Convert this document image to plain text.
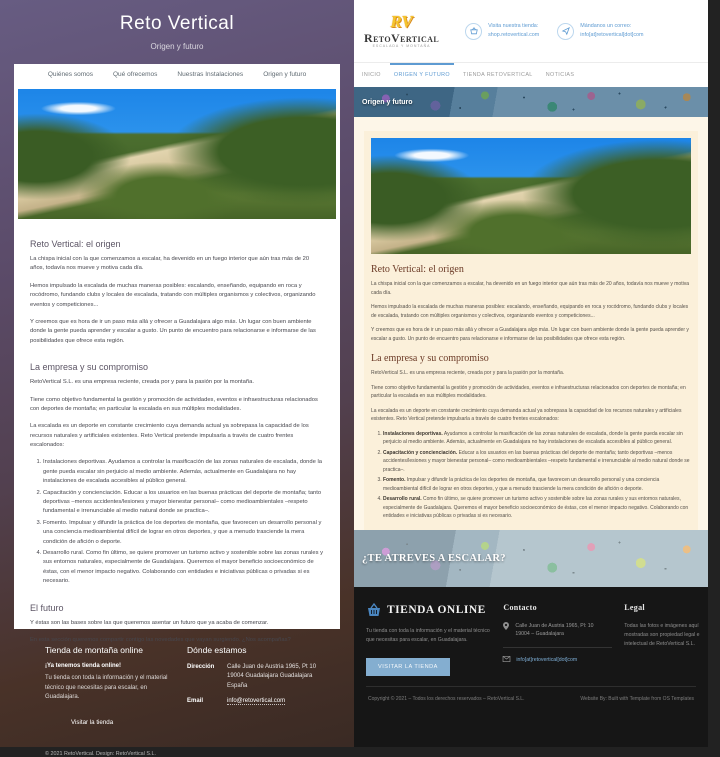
Reto Vertical
Origen y futuro
Quiénes somos	Qué ofrecemos	Nuestras Instalaciones	Origen y futuro
Reto Vertical: el origen

La chispa inicial con la que comenzamos a escalar, ha devenido en un fuego interior que aún tras más de 20 años, todavía nos mueve y motiva cada día.

Hemos impulsado la escalada de muchas maneras posibles: escalando, enseñando, equipando en roca y rocódromo, fundando clubs y locales de escalada, tratando con múltiples organismos y colectivos, organizando eventos y competiciones...

Y creemos que es hora de ir un paso más allá y ofrecer a Guadalajara algo más. Un lugar con buen ambiente donde la gente pueda aprender y escalar a gusto. Un punto de encuentro para relacionarse e informarse de las posibilidades que ofrece esta región.

La empresa y su compromiso

RetoVertical S.L. es una empresa reciente, creada por y para la pasión por la montaña.

Tiene como objetivo fundamental la gestión y promoción de actividades, eventos e infraestructuras relacionados con deportes de montaña; en particular la escalada en sus múltiples modalidades.

La escalada es un deporte en constante crecimiento cuya demanda actual ya sobrepasa la capacidad de los recursos naturales y artificiales existentes. Reto Vertical pretende impulsarla a través de cuatro frentes escalonados:

1. Instalaciones deportivas. Ayudamos a controlar la masificación de las zonas naturales de escalada, donde la gente pueda escalar sin perjuicio al medio ambiente. Además, actualmente en Guadalajara no hay instalaciones de escalada accesibles al público general.
2. Capacitación y concienciación. Educar a los usuarios en las buenas prácticas del deporte de montaña; tanto deportivas –menos accidentes/lesiones y mayor bienestar personal– como medioambientales –respeto fundamental e irrenunciable al medio natural donde se practica–.
3. Fomento. Impulsar y difundir la práctica de los deportes de montaña, que favorecen un desarrollo personal y una conciencia medioambiental difícil de lograr en otros deportes, y que a menudo trasciende la mera condición de afición o deporte.
4. Desarrollo rural. Como fin último, se quiere promover un turismo activo y sostenible sobre las zonas rurales y sus entornos naturales, especialmente de Guadalajara. Queremos el mayor beneficio socioeconómico de éstas, con el menor impacto negativo. Colaborando con entidades e iniciativas públicas o privadas si es necesario.
El futuro

Y éstas son las bases sobre las que queremos asentar un futuro que ya acaba de comenzar.

En esta sección queremos compartir contigo las novedades que vayan surgiendo. ¿Nos acompañas?

Tienda de montaña online
¡Ya tenemos tienda online!

Tu tienda con toda la información y el material técnico que necesitas para escalar, en Guadalajara.

Visitar la tienda
Dónde estamos
Dirección	Calle Juan de Austria 1965, Pt 10
19004 Guadalajara Guadalajara
España
Email	info@retovertical.com
© 2021 RetoVertical. Design: RetoVertical S.L.
RV
RetoVertical
ESCALADA Y MONTAÑA
Visita nuestra tienda:
shop.retovertical.com
Mándanos un correo:
info[at]retovertical[dot]com
INICIO	ORIGEN Y FUTURO	TIENDA RETOVERTICAL	NOTICIAS
Origen y futuro
Reto Vertical: el origen

La chispa inicial con la que comenzamos a escalar, ha devenido en un fuego interior que aún tras más de 20 años, todavía nos mueve y motiva cada día.

Hemos impulsado la escalada de muchas maneras posibles: escalando, enseñando, equipando en roca y rocódromo, fundando clubs y locales de escalada, tratando con múltiples organismos y colectivos, organizando eventos y competiciones...

Y creemos que es hora de ir un paso más allá y ofrecer a Guadalajara algo más. Un lugar con buen ambiente donde la gente pueda aprender y escalar a gusto. Un punto de encuentro para relacionarse e informarse de las posibilidades que ofrece esta región.

La empresa y su compromiso

RetoVertical S.L. es una empresa reciente, creada por y para la pasión por la montaña.

Tiene como objetivo fundamental la gestión y promoción de actividades, eventos e infraestructuras relacionados con deportes de montaña; en particular la escalada en sus múltiples modalidades.

La escalada es un deporte en constante crecimiento cuya demanda actual ya sobrepasa la capacidad de los recursos naturales y artificiales existentes. Reto Vertical pretende impulsarla a través de cuatro frentes escalonados:

1. Instalaciones deportivas. Ayudamos a controlar la masificación de las zonas naturales de escalada, donde la gente pueda escalar sin perjuicio al medio ambiente. Además, actualmente en Guadalajara no hay instalaciones de escalada accesibles al público general.
2. Capacitación y concienciación. Educar a los usuarios en las buenas prácticas del deporte de montaña; tanto deportivas –menos accidentes/lesiones y mayor bienestar personal– como medioambientales –respeto fundamental e irrenunciable al medio natural donde se practica–.
3. Fomento. Impulsar y difundir la práctica de los deportes de montaña, que favorecen un desarrollo personal y una conciencia medioambiental difícil de lograr en otros deportes, y que a menudo trasciende la mera condición de afición o deporte.
4. Desarrollo rural. Como fin último, se quiere promover un turismo activo y sostenible sobre las zonas rurales y sus entornos naturales, especialmente de Guadalajara. Queremos el mayor beneficio socioeconómico de éstas, con el menor impacto negativo. Colaborando con entidades e iniciativas públicas o privadas si es necesario.

¿TE ATREVES A ESCALAR?
TIENDA ONLINE

Tu tienda con toda la información y el material técnico que necesitas para escalar, en Guadalajara.

VISITAR LA TIENDA
Contacto
Calle Juan de Austria 1965, Pl: 10
19004 – Guadalajara
info[at]retovertical[dot]com
Legal

Todas las fotos e imágenes aquí mostradas son propiedad legal e intelectual de RetoVertical S.L.

Copyright © 2021 – Todos los derechos reservados – RetoVertical S.L.	Website By: Built with Template from OS Templates
